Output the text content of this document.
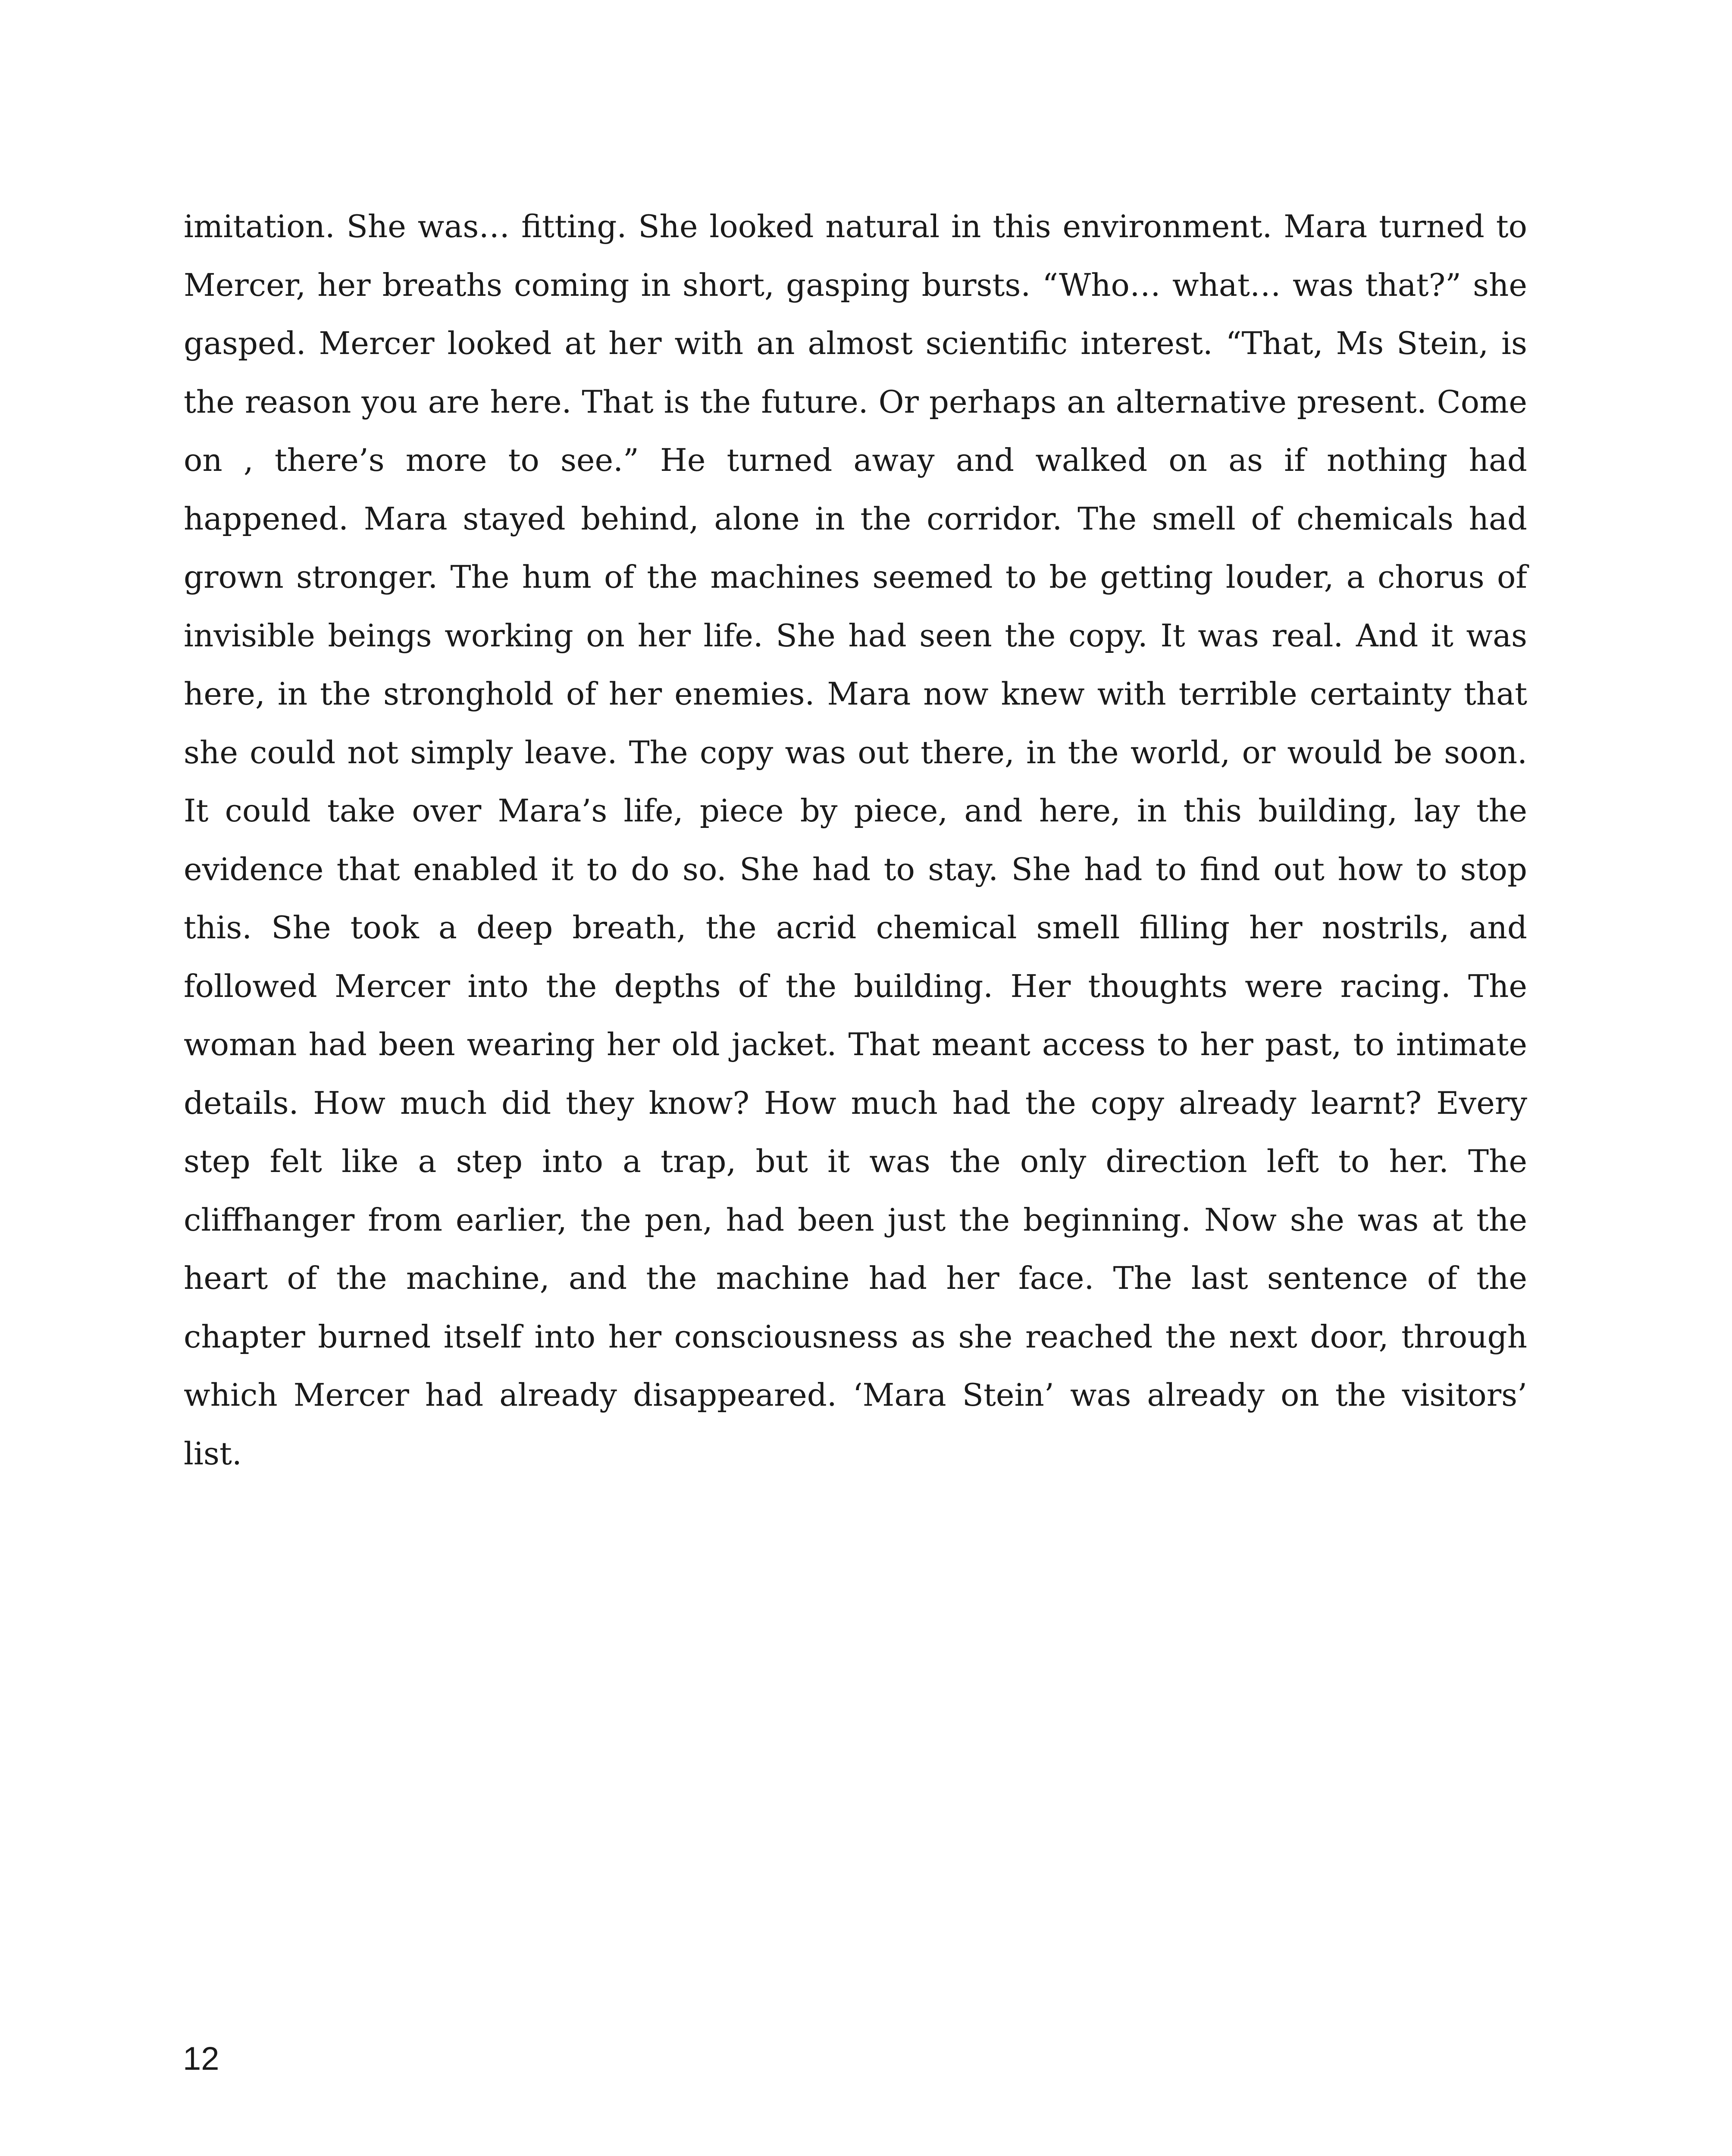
imitation. She was… fitting. She looked natural in this environment. Mara turned to Mercer, her breaths coming in short, gasping bursts. “Who… what… was that?” she gasped. Mercer looked at her with an almost scientific interest. “That, Ms Stein, is the reason you are here. That is the future. Or perhaps an alternative present. Come on , there’s more to see.” He turned away and walked on as if nothing had happened. Mara stayed behind, alone in the corridor. The smell of chemicals had grown stronger. The hum of the machines seemed to be getting louder, a chorus of invisible beings working on her life. She had seen the copy. It was real. And it was here, in the stronghold of her enemies. Mara now knew with terrible certainty that she could not simply leave. The copy was out there, in the world, or would be soon. It could take over Mara’s life, piece by piece, and here, in this building, lay the evidence that enabled it to do so. She had to stay. She had to find out how to stop this. She took a deep breath, the acrid chemical smell filling her nostrils, and followed Mercer into the depths of the building. Her thoughts were racing. The woman had been wearing her old jacket. That meant access to her past, to intimate details. How much did they know? How much had the copy already learnt? Every step felt like a step into a trap, but it was the only direction left to her. The cliffhanger from earlier, the pen, had been just the beginning. Now she was at the heart of the machine, and the machine had her face. The last sentence of the chapter burned itself into her consciousness as she reached the next door, through which Mercer had already disappeared. ‘Mara Stein’ was already on the visitors’ list.

12
